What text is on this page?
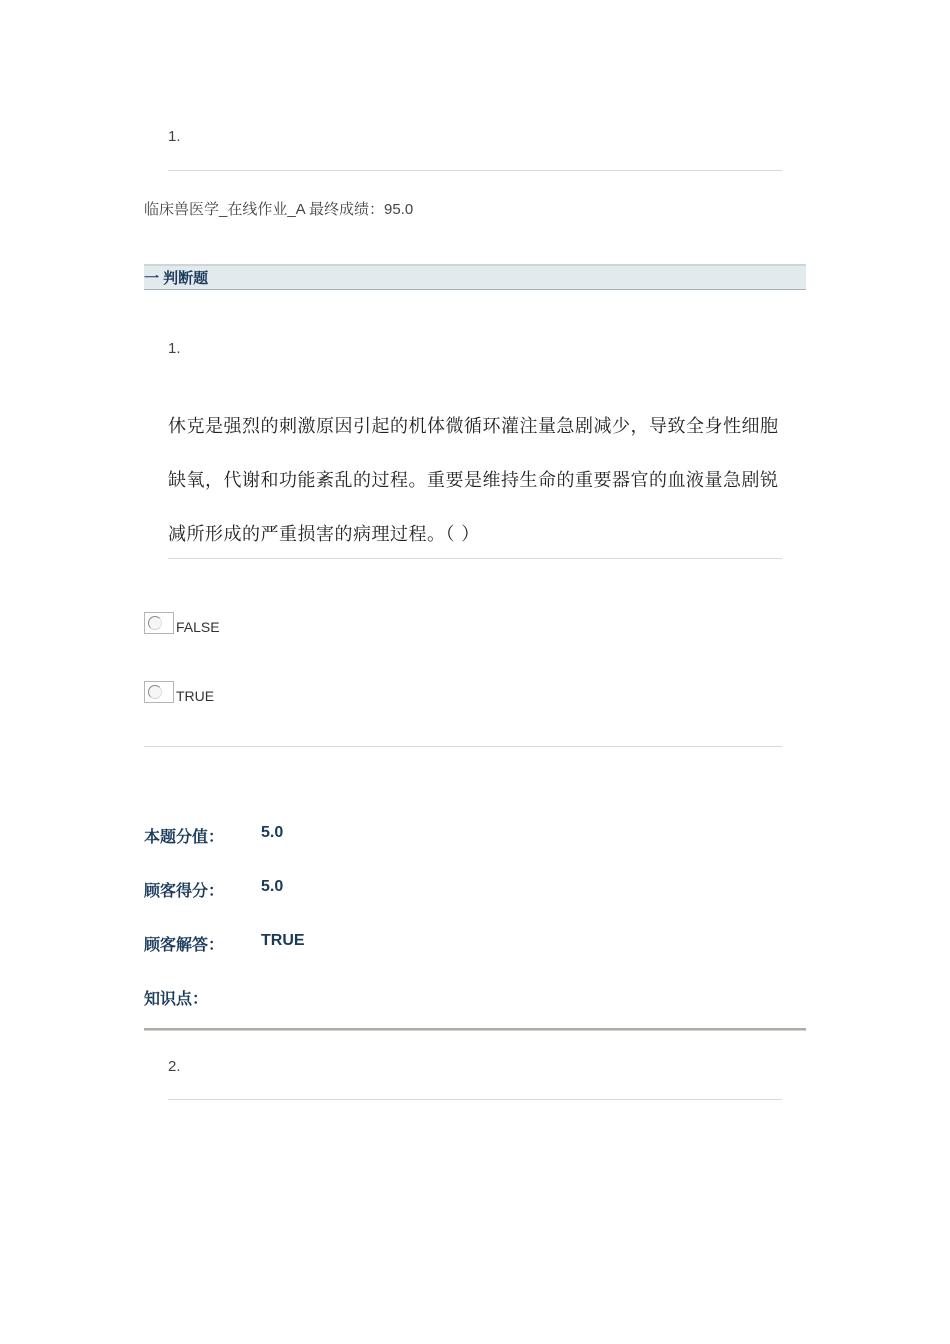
1.
临床兽医学_在线作业_A 最终成绩：95.0
一 判断题
1.
休克是强烈的刺激原因引起的机体微循环灌注量急剧减少，导致全身性细胞缺氧，代谢和功能紊乱的过程。重要是维持生命的重要器官的血液量急剧锐减所形成的严重损害的病理过程。（ ）
FALSE
TRUE
本题分值： 5.0
顾客得分： 5.0
顾客解答： TRUE
知识点：
2.
